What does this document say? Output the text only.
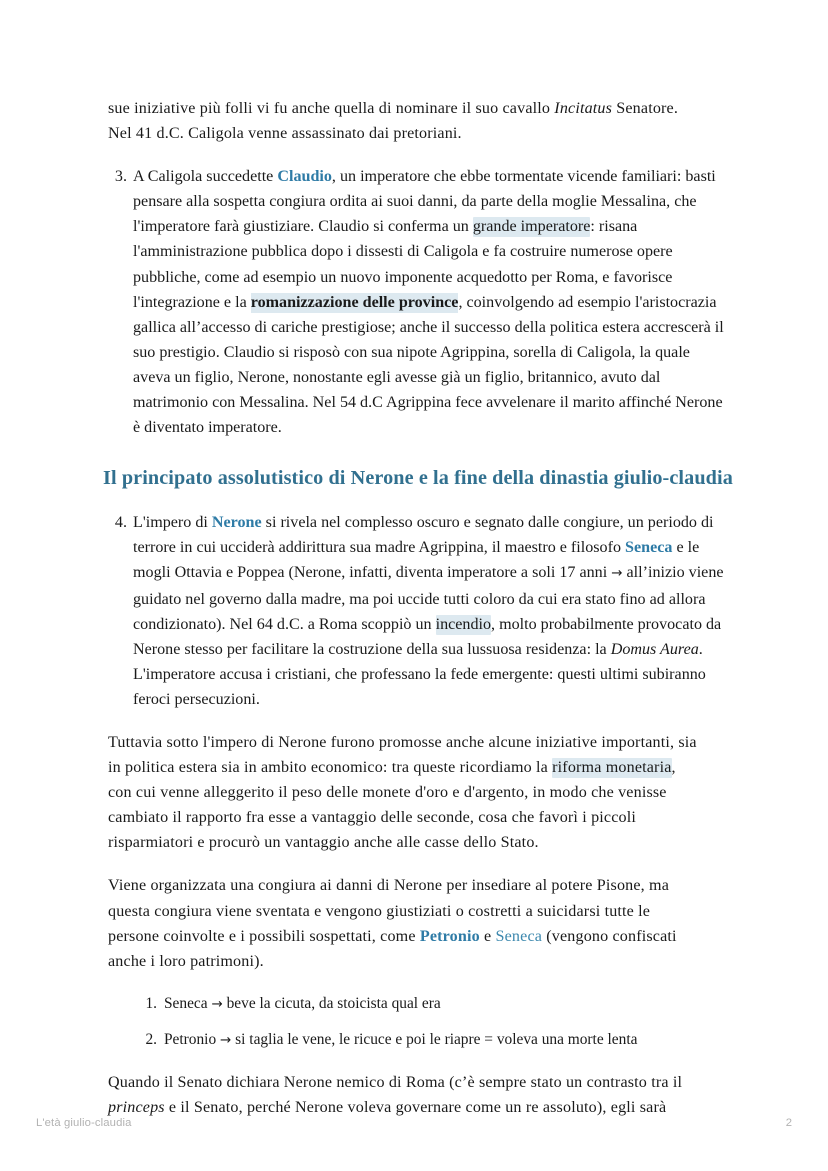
sue iniziative più folli vi fu anche quella di nominare il suo cavallo Incitatus Senatore. Nel 41 d.C. Caligola venne assassinato dai pretoriani.

3. A Caligola succedette Claudio, un imperatore che ebbe tormentate vicende familiari: basti pensare alla sospetta congiura ordita ai suoi danni, da parte della moglie Messalina, che l'imperatore farà giustiziare. Claudio si conferma un grande imperatore: risana l'amministrazione pubblica dopo i dissesti di Caligola e fa costruire numerose opere pubbliche, come ad esempio un nuovo imponente acquedotto per Roma, e favorisce l'integrazione e la romanizzazione delle province, coinvolgendo ad esempio l'aristocrazia gallica all’accesso di cariche prestigiose; anche il successo della politica estera accrescerà il suo prestigio. Claudio si risposò con sua nipote Agrippina, sorella di Caligola, la quale aveva un figlio, Nerone, nonostante egli avesse già un figlio, britannico, avuto dal matrimonio con Messalina. Nel 54 d.C Agrippina fece avvelenare il marito affinché Nerone è diventato imperatore.
Il principato assolutistico di Nerone e la fine della dinastia giulio-claudia
4. L'impero di Nerone si rivela nel complesso oscuro e segnato dalle congiure, un periodo di terrore in cui ucciderà addirittura sua madre Agrippina, il maestro e filosofo Seneca e le mogli Ottavia e Poppea (Nerone, infatti, diventa imperatore a soli 17 anni → all’inizio viene guidato nel governo dalla madre, ma poi uccide tutti coloro da cui era stato fino ad allora condizionato). Nel 64 d.C. a Roma scoppiò un incendio, molto probabilmente provocato da Nerone stesso per facilitare la costruzione della sua lussuosa residenza: la Domus Aurea. L'imperatore accusa i cristiani, che professano la fede emergente: questi ultimi subiranno feroci persecuzioni.

Tuttavia sotto l'impero di Nerone furono promosse anche alcune iniziative importanti, sia in politica estera sia in ambito economico: tra queste ricordiamo la riforma monetaria, con cui venne alleggerito il peso delle monete d'oro e d'argento, in modo che venisse cambiato il rapporto fra esse a vantaggio delle seconde, cosa che favorì i piccoli risparmiatori e procurò un vantaggio anche alle casse dello Stato.

Viene organizzata una congiura ai danni di Nerone per insediare al potere Pisone, ma questa congiura viene sventata e vengono giustiziati o costretti a suicidarsi tutte le persone coinvolte e i possibili sospettati, come Petronio e Seneca (vengono confiscati anche i loro patrimoni).

1. Seneca → beve la cicuta, da stoicista qual era
2. Petronio → si taglia le vene, le ricuce e poi le riapre = voleva una morte lenta

Quando il Senato dichiara Nerone nemico di Roma (c’è sempre stato un contrasto tra il princeps e il Senato, perché Nerone voleva governare come un re assoluto), egli sarà

L'età giulio-claudia	2
